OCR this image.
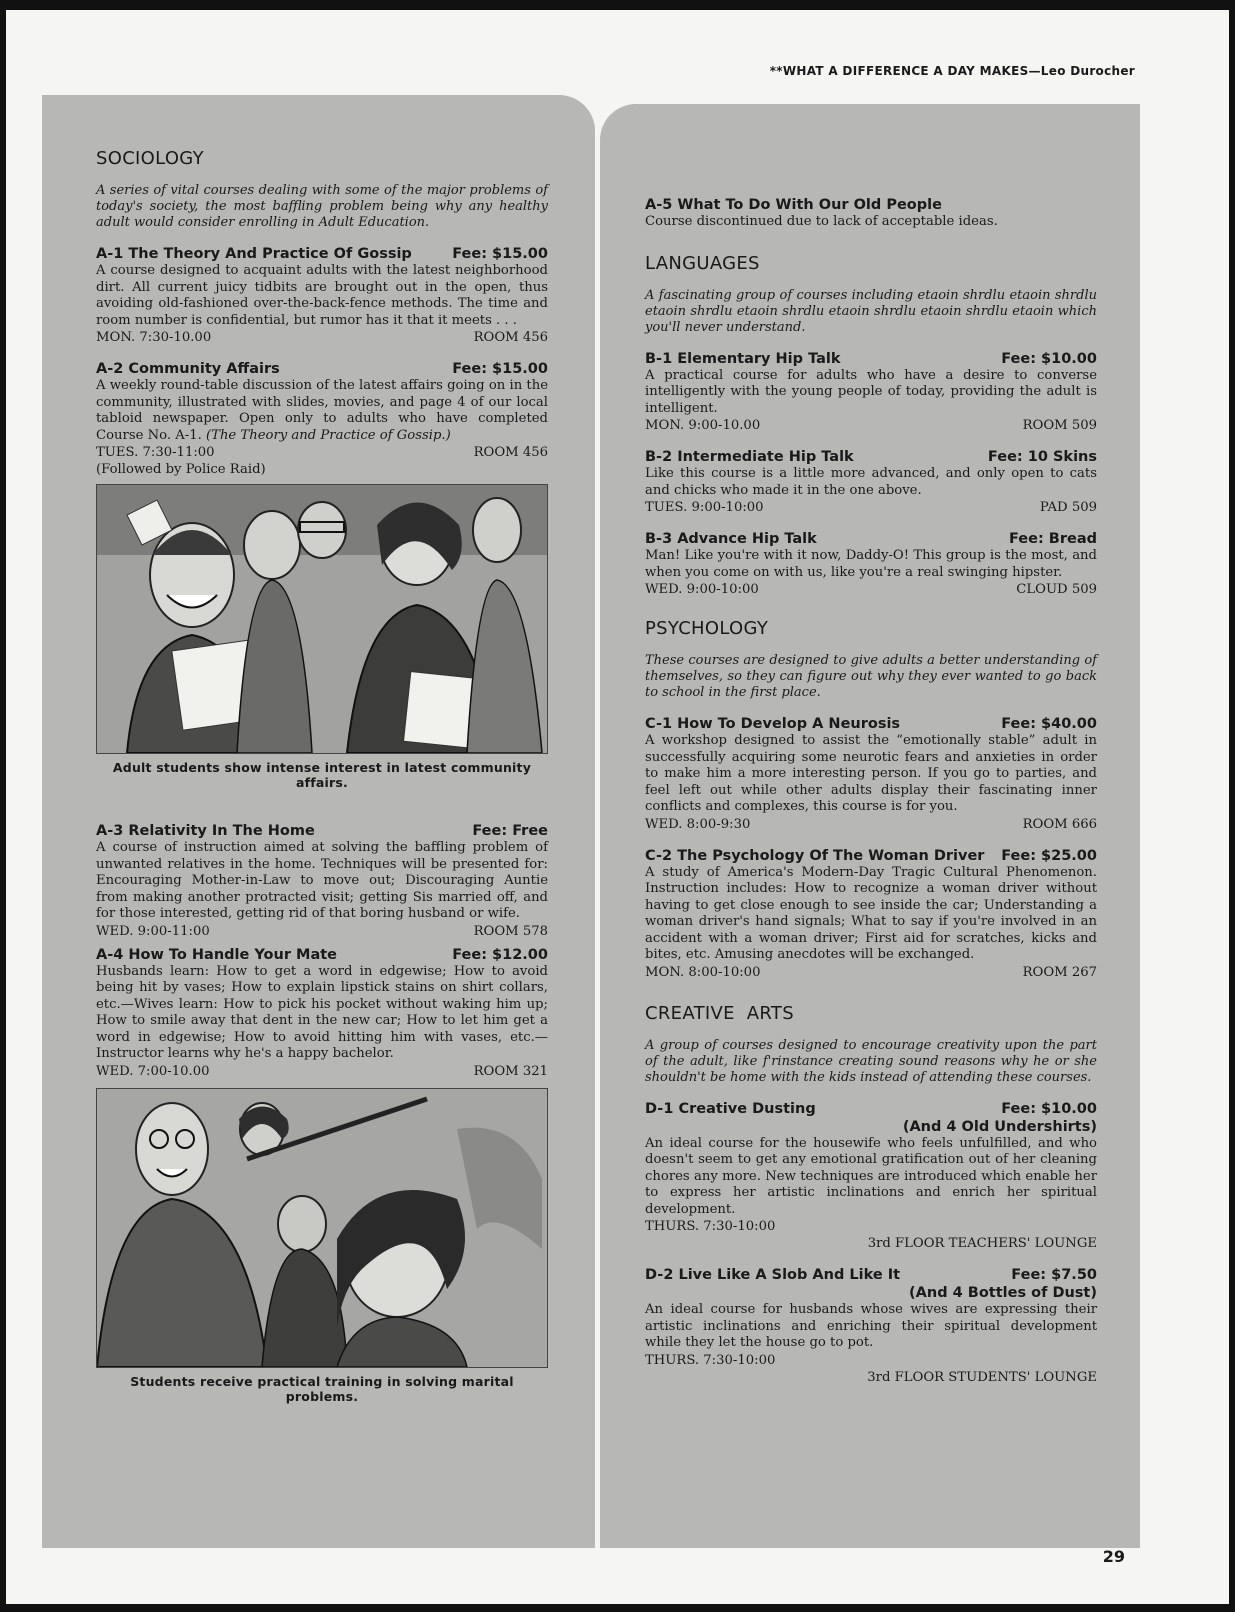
**WHAT A DIFFERENCE A DAY MAKES—Leo Durocher
SOCIOLOGY

A series of vital courses dealing with some of the major problems of today's society, the most baffling problem being why any healthy adult would consider enrolling in Adult Education.

A-1 The Theory And Practice Of Gossip	Fee: $15.00

A course designed to acquaint adults with the latest neighborhood dirt. All current juicy tidbits are brought out in the open, thus avoiding old-fashioned over-the-back-fence methods. The time and room number is confidential, but rumor has it that it meets . . .

MON. 7:30-10.00	ROOM 456
A-2 Community Affairs	Fee: $15.00

A weekly round-table discussion of the latest affairs going on in the community, illustrated with slides, movies, and page 4 of our local tabloid newspaper. Open only to adults who have completed Course No. A-1. (The Theory and Practice of Gossip.)

TUES. 7:30-11:00	ROOM 456
(Followed by Police Raid)
Adult students show intense interest in latest community affairs.
A-3 Relativity In The Home	Fee: Free

A course of instruction aimed at solving the baffling problem of unwanted relatives in the home. Techniques will be presented for: Encouraging Mother-in-Law to move out; Discouraging Auntie from making another protracted visit; getting Sis married off, and for those interested, getting rid of that boring husband or wife.

WED. 9:00-11:00	ROOM 578
A-4 How To Handle Your Mate	Fee: $12.00

Husbands learn: How to get a word in edgewise; How to avoid being hit by vases; How to explain lipstick stains on shirt collars, etc.—Wives learn: How to pick his pocket without waking him up; How to smile away that dent in the new car; How to let him get a word in edgewise; How to avoid hitting him with vases, etc.—Instructor learns why he's a happy bachelor.

WED. 7:00-10.00	ROOM 321
Students receive practical training in solving marital problems.
A-5 What To Do With Our Old People

Course discontinued due to lack of acceptable ideas.

LANGUAGES

A fascinating group of courses including etaoin shrdlu etaoin shrdlu etaoin shrdlu etaoin shrdlu etaoin shrdlu etaoin shrdlu etaoin which you'll never understand.

B-1 Elementary Hip Talk	Fee: $10.00

A practical course for adults who have a desire to converse intelligently with the young people of today, providing the adult is intelligent.

MON. 9:00-10.00	ROOM 509
B-2 Intermediate Hip Talk	Fee: 10 Skins

Like this course is a little more advanced, and only open to cats and chicks who made it in the one above.

TUES. 9:00-10:00	PAD 509
B-3 Advance Hip Talk	Fee: Bread

Man! Like you're with it now, Daddy-O! This group is the most, and when you come on with us, like you're a real swinging hipster.

WED. 9:00-10:00	CLOUD 509
PSYCHOLOGY

These courses are designed to give adults a better understanding of themselves, so they can figure out why they ever wanted to go back to school in the first place.

C-1 How To Develop A Neurosis	Fee: $40.00

A workshop designed to assist the “emotionally stable” adult in successfully acquiring some neurotic fears and anxieties in order to make him a more interesting person. If you go to parties, and feel left out while other adults display their fascinating inner conflicts and complexes, this course is for you.

WED. 8:00-9:30	ROOM 666
C-2 The Psychology Of The Woman Driver Fee: $25.00

A study of America's Modern-Day Tragic Cultural Phenomenon. Instruction includes: How to recognize a woman driver without having to get close enough to see inside the car; Understanding a woman driver's hand signals; What to say if you're involved in an accident with a woman driver; First aid for scratches, kicks and bites, etc. Amusing anecdotes will be exchanged.

MON. 8:00-10:00	ROOM 267
CREATIVE  ARTS

A group of courses designed to encourage creativity upon the part of the adult, like f'rinstance creating sound reasons why he or she shouldn't be home with the kids instead of attending these courses.

D-1 Creative Dusting	Fee: $10.00
(And 4 Old Undershirts)

An ideal course for the housewife who feels unfulfilled, and who doesn't seem to get any emotional gratification out of her cleaning chores any more. New techniques are introduced which enable her to express her artistic inclinations and enrich her spiritual development.

THURS. 7:30-10:00
3rd FLOOR TEACHERS' LOUNGE
D-2 Live Like A Slob And Like It	Fee: $7.50
(And 4 Bottles of Dust)

An ideal course for husbands whose wives are expressing their artistic inclinations and enriching their spiritual development while they let the house go to pot.

THURS. 7:30-10:00
3rd FLOOR STUDENTS' LOUNGE
29
